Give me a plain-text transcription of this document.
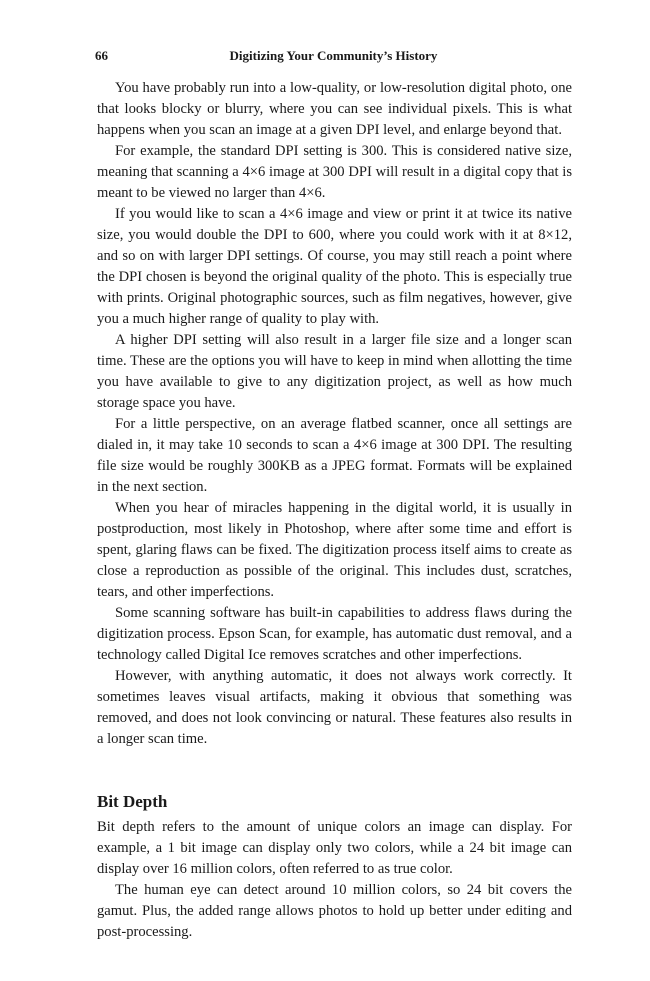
66	Digitizing Your Community’s History

You have probably run into a low-quality, or low-resolution digital photo, one that looks blocky or blurry, where you can see individual pixels. This is what happens when you scan an image at a given DPI level, and enlarge beyond that.

For example, the standard DPI setting is 300. This is considered native size, meaning that scanning a 4×6 image at 300 DPI will result in a digital copy that is meant to be viewed no larger than 4×6.

If you would like to scan a 4×6 image and view or print it at twice its native size, you would double the DPI to 600, where you could work with it at 8×12, and so on with larger DPI settings. Of course, you may still reach a point where the DPI chosen is beyond the original quality of the photo. This is especially true with prints. Original photographic sources, such as film negatives, however, give you a much higher range of quality to play with.

A higher DPI setting will also result in a larger file size and a longer scan time. These are the options you will have to keep in mind when allotting the time you have available to give to any digitization project, as well as how much storage space you have.

For a little perspective, on an average flatbed scanner, once all settings are dialed in, it may take 10 seconds to scan a 4×6 image at 300 DPI. The resulting file size would be roughly 300KB as a JPEG format. Formats will be explained in the next section.

When you hear of miracles happening in the digital world, it is usually in postproduction, most likely in Photoshop, where after some time and effort is spent, glaring flaws can be fixed. The digitization process itself aims to create as close a reproduction as possible of the original. This includes dust, scratches, tears, and other imperfections.

Some scanning software has built-in capabilities to address flaws during the digitization process. Epson Scan, for example, has automatic dust removal, and a technology called Digital Ice removes scratches and other imperfections.

However, with anything automatic, it does not always work correctly. It sometimes leaves visual artifacts, making it obvious that something was removed, and does not look convincing or natural. These features also results in a longer scan time.

Bit Depth

Bit depth refers to the amount of unique colors an image can display. For example, a 1 bit image can display only two colors, while a 24 bit image can display over 16 million colors, often referred to as true color.

The human eye can detect around 10 million colors, so 24 bit covers the gamut. Plus, the added range allows photos to hold up better under editing and post-processing.
